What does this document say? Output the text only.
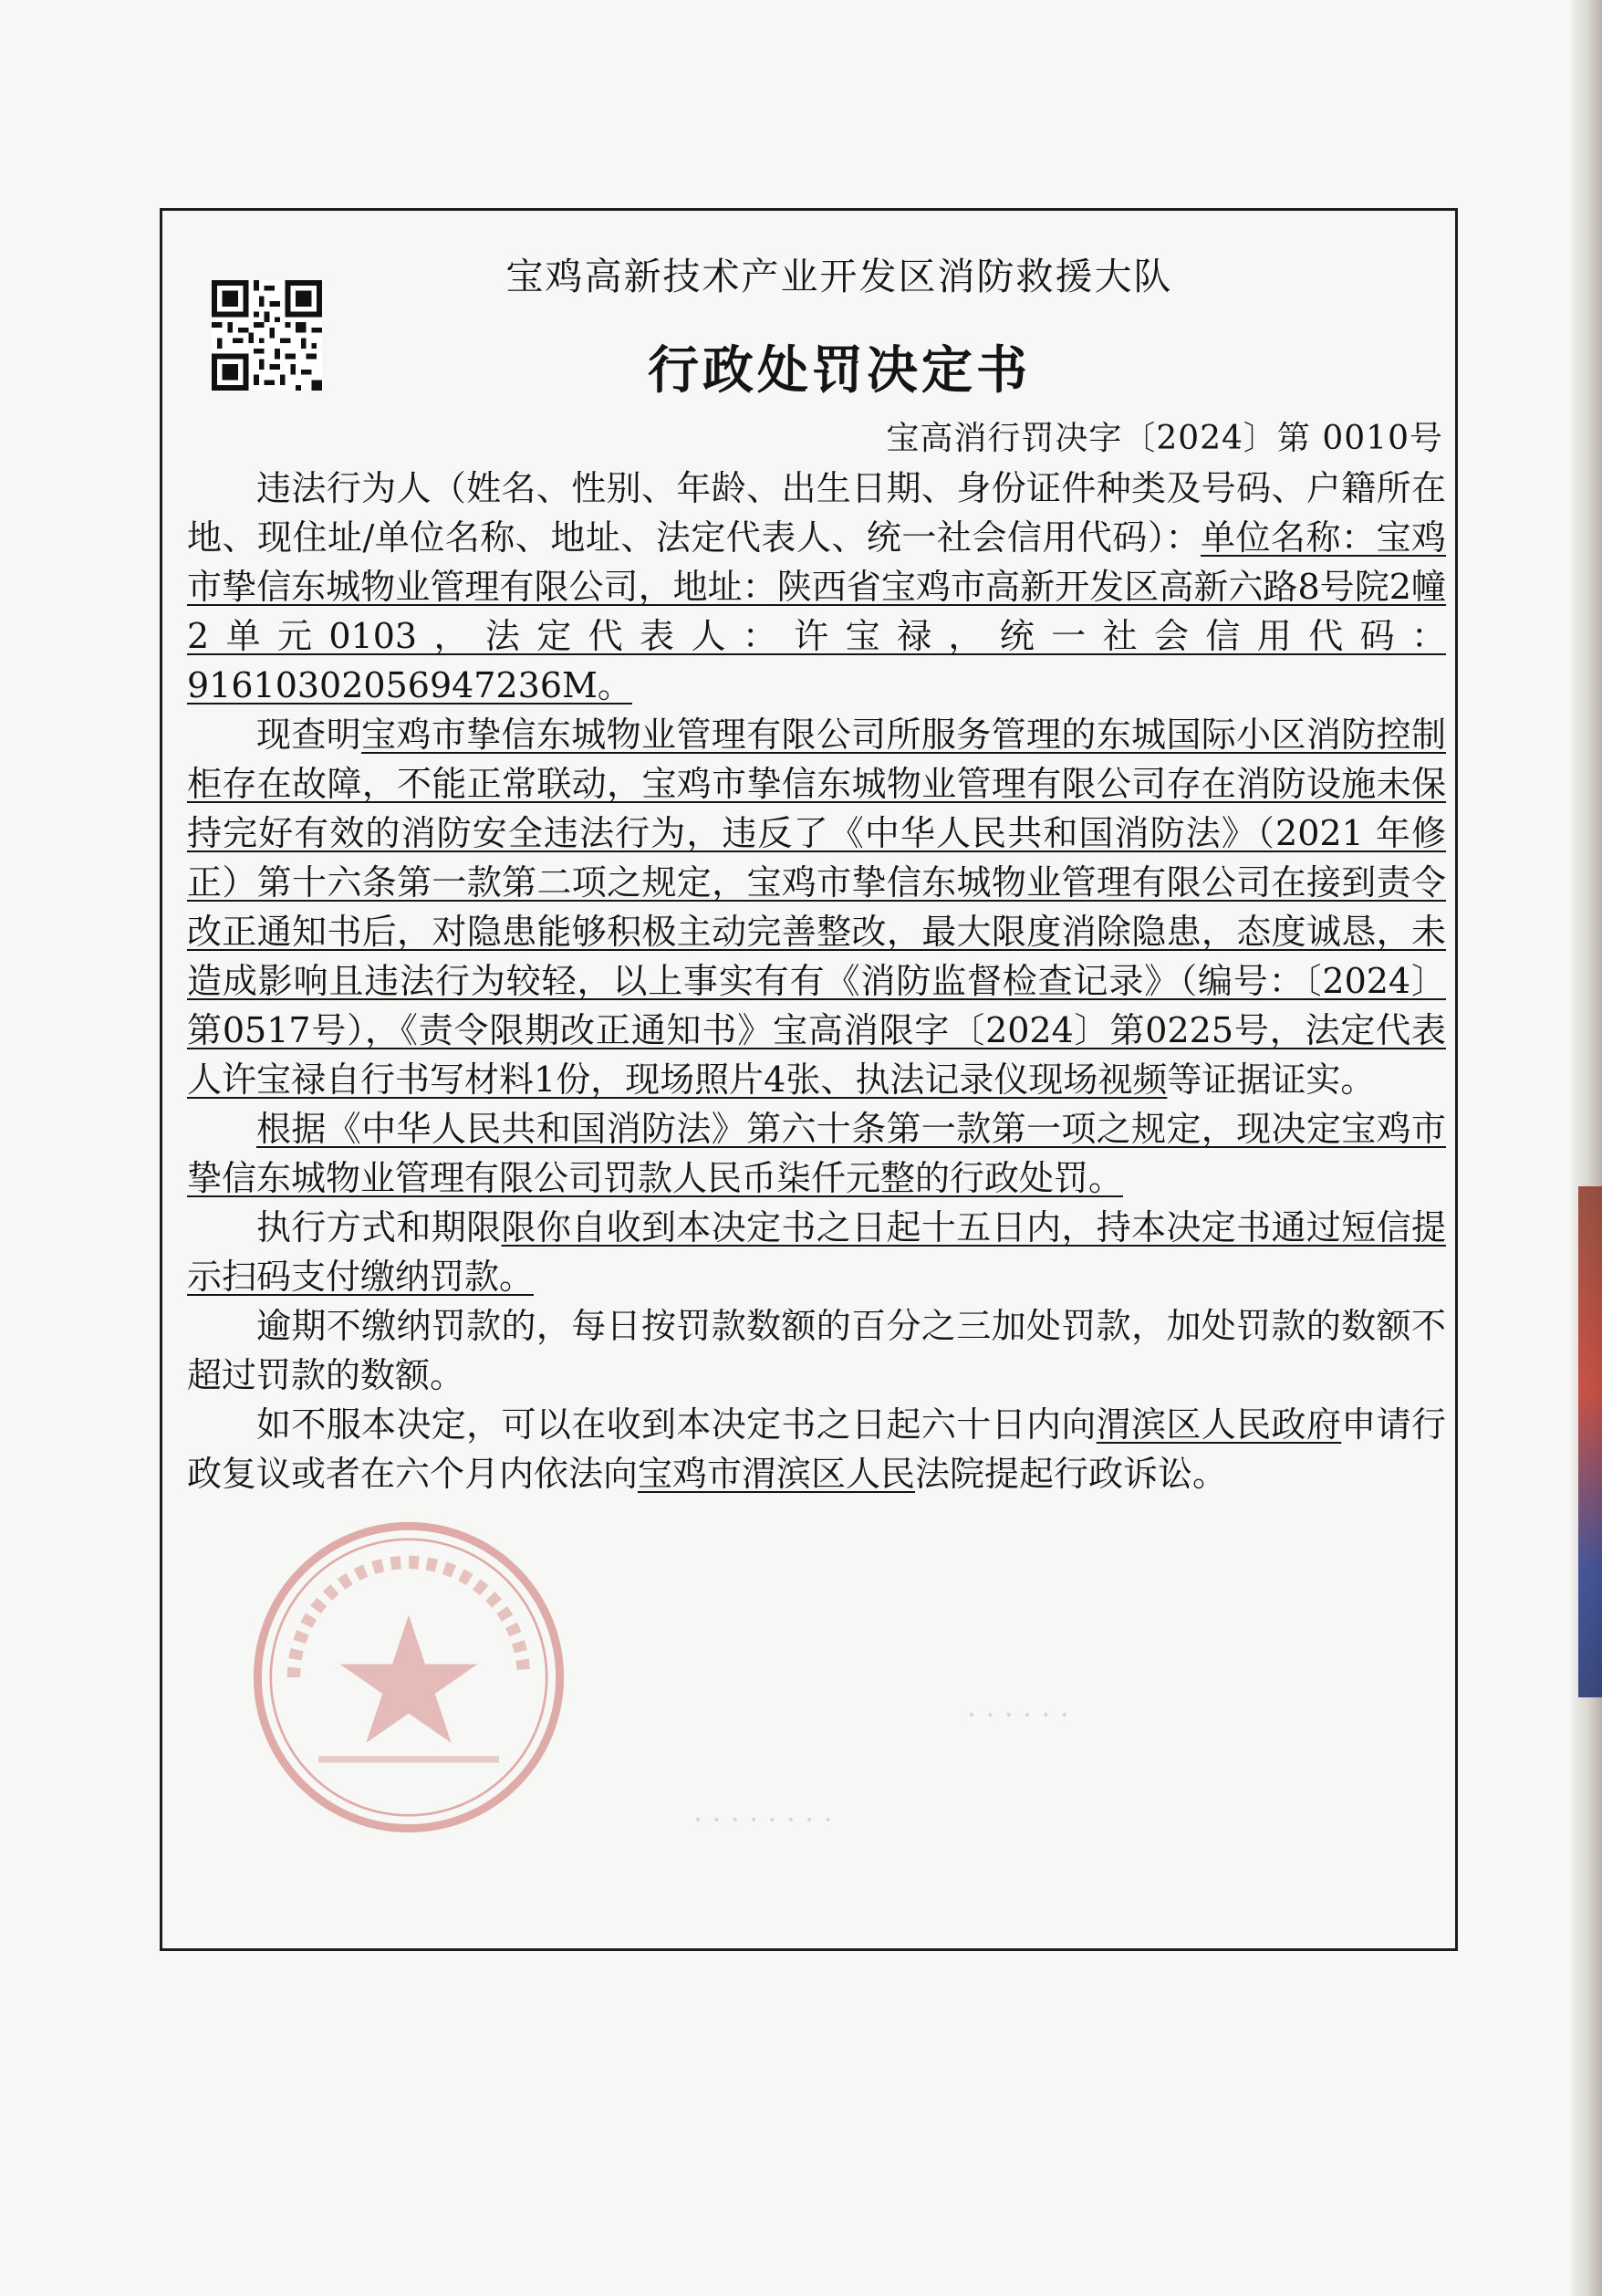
宝鸡高新技术产业开发区消防救援大队
行政处罚决定书
宝高消行罚决字〔2024〕第 0010号

违法行为人（姓名、性别、年龄、出生日期、身份证件种类及号码、户籍所在地、现住址/单位名称、地址、法定代表人、统一社会信用代码）：单位名称：宝鸡市挚信东城物业管理有限公司，地址：陕西省宝鸡市高新开发区高新六路8号院2幢2单元0103，法定代表人：许宝禄，统一社会信用代码：91610302056947236M。

现查明宝鸡市挚信东城物业管理有限公司所服务管理的东城国际小区消防控制柜存在故障，不能正常联动，宝鸡市挚信东城物业管理有限公司存在消防设施未保持完好有效的消防安全违法行为，违反了《中华人民共和国消防法》（2021 年修正）第十六条第一款第二项之规定，宝鸡市挚信东城物业管理有限公司在接到责令改正通知书后，对隐患能够积极主动完善整改，最大限度消除隐患，态度诚恳，未造成影响且违法行为较轻，以上事实有有《消防监督检查记录》（编号：〔2024〕第0517号），《责令限期改正通知书》宝高消限字〔2024〕第0225号，法定代表人许宝禄自行书写材料1份，现场照片4张、执法记录仪现场视频等证据证实。

根据《中华人民共和国消防法》第六十条第一款第一项之规定，现决定宝鸡市挚信东城物业管理有限公司罚款人民币柒仟元整的行政处罚。

执行方式和期限限你自收到本决定书之日起十五日内，持本决定书通过短信提示扫码支付缴纳罚款。

逾期不缴纳罚款的，每日按罚款数额的百分之三加处罚款，加处罚款的数额不超过罚款的数额。

如不服本决定，可以在收到本决定书之日起六十日内向渭滨区人民政府申请行政复议或者在六个月内依法向宝鸡市渭滨区人民法院提起行政诉讼。

· · · · · · · ·
· · · · · ·
